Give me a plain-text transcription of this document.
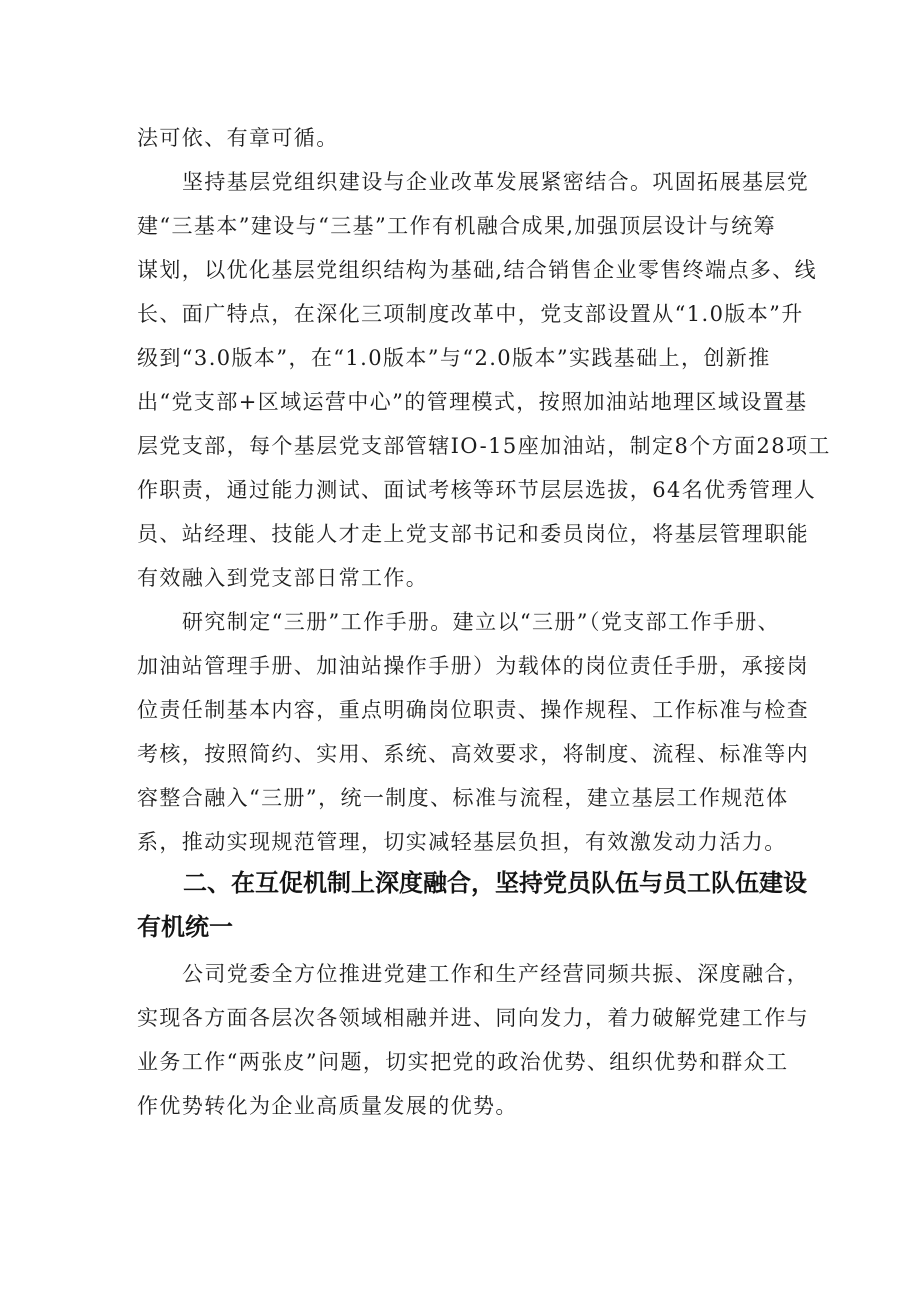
法可依、有章可循。
坚持基层党组织建设与企业改革发展紧密结合。巩固拓展基层党
建“三基本”建设与“三基”工作有机融合成果,加强顶层设计与统筹
谋划，以优化基层党组织结构为基础,结合销售企业零售终端点多、线
长、面广特点，在深化三项制度改革中，党支部设置从“1.0版本”升
级到“3.0版本”，在“1.0版本”与“2.0版本”实践基础上，创新推
出“党支部+区域运营中心”的管理模式，按照加油站地理区域设置基
层党支部，每个基层党支部管辖IO-15座加油站，制定8个方面28项工
作职责，通过能力测试、面试考核等环节层层选拔，64名优秀管理人
员、站经理、技能人才走上党支部书记和委员岗位，将基层管理职能
有效融入到党支部日常工作。
研究制定“三册”工作手册。建立以“三册”（党支部工作手册、
加油站管理手册、加油站操作手册）为载体的岗位责任手册，承接岗
位责任制基本内容，重点明确岗位职责、操作规程、工作标准与检查
考核，按照简约、实用、系统、高效要求，将制度、流程、标准等内
容整合融入“三册”，统一制度、标准与流程，建立基层工作规范体
系，推动实现规范管理，切实减轻基层负担，有效激发动力活力。
二、在互促机制上深度融合，坚持党员队伍与员工队伍建设
有机统一
公司党委全方位推进党建工作和生产经营同频共振、深度融合，
实现各方面各层次各领域相融并进、同向发力，着力破解党建工作与
业务工作“两张皮”问题，切实把党的政治优势、组织优势和群众工
作优势转化为企业高质量发展的优势。
